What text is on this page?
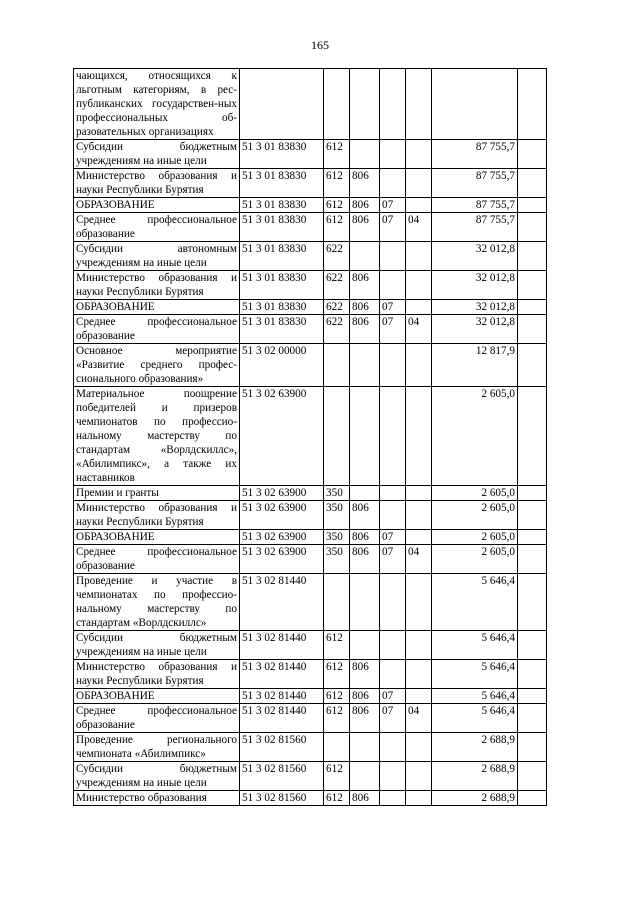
165
чающихся, относящихся к льготным категориям, в рес-публиканских государствен-ных профессиональных об-разовательных организациях							
Субсидии бюджетным учреждениям на иные цели	51 3 01 83830	612				87 755,7	
Министерство образования и науки Республики Бурятия	51 3 01 83830	612	806			87 755,7	
ОБРАЗОВАНИЕ	51 3 01 83830	612	806	07		87 755,7	
Среднее профессиональное образование	51 3 01 83830	612	806	07	04	87 755,7	
Субсидии автономным учреждениям на иные цели	51 3 01 83830	622				32 012,8	
Министерство образования и науки Республики Бурятия	51 3 01 83830	622	806			32 012,8	
ОБРАЗОВАНИЕ	51 3 01 83830	622	806	07		32 012,8	
Среднее профессиональное образование	51 3 01 83830	622	806	07	04	32 012,8	
Основное мероприятие «Развитие среднего профес-сионального образования»	51 3 02 00000					12 817,9	
Материальное поощрение победителей и призеров чемпионатов по профессио-нальному мастерству по стандартам «Ворлдскиллс», «Абилимпикс», а также их наставников	51 3 02 63900					2 605,0	
Премии и гранты	51 3 02 63900	350				2 605,0	
Министерство образования и науки Республики Бурятия	51 3 02 63900	350	806			2 605,0	
ОБРАЗОВАНИЕ	51 3 02 63900	350	806	07		2 605,0	
Среднее профессиональное образование	51 3 02 63900	350	806	07	04	2 605,0	
Проведение и участие в чемпионатах по профессио-нальному мастерству по стандартам «Ворлдскиллс»	51 3 02 81440					5 646,4	
Субсидии бюджетным учреждениям на иные цели	51 3 02 81440	612				5 646,4	
Министерство образования и науки Республики Бурятия	51 3 02 81440	612	806			5 646,4	
ОБРАЗОВАНИЕ	51 3 02 81440	612	806	07		5 646,4	
Среднее профессиональное образование	51 3 02 81440	612	806	07	04	5 646,4	
Проведение регионального чемпионата «Абилимпикс»	51 3 02 81560					2 688,9	
Субсидии бюджетным учреждениям на иные цели	51 3 02 81560	612				2 688,9	
Министерство образования	51 3 02 81560	612	806			2 688,9	
